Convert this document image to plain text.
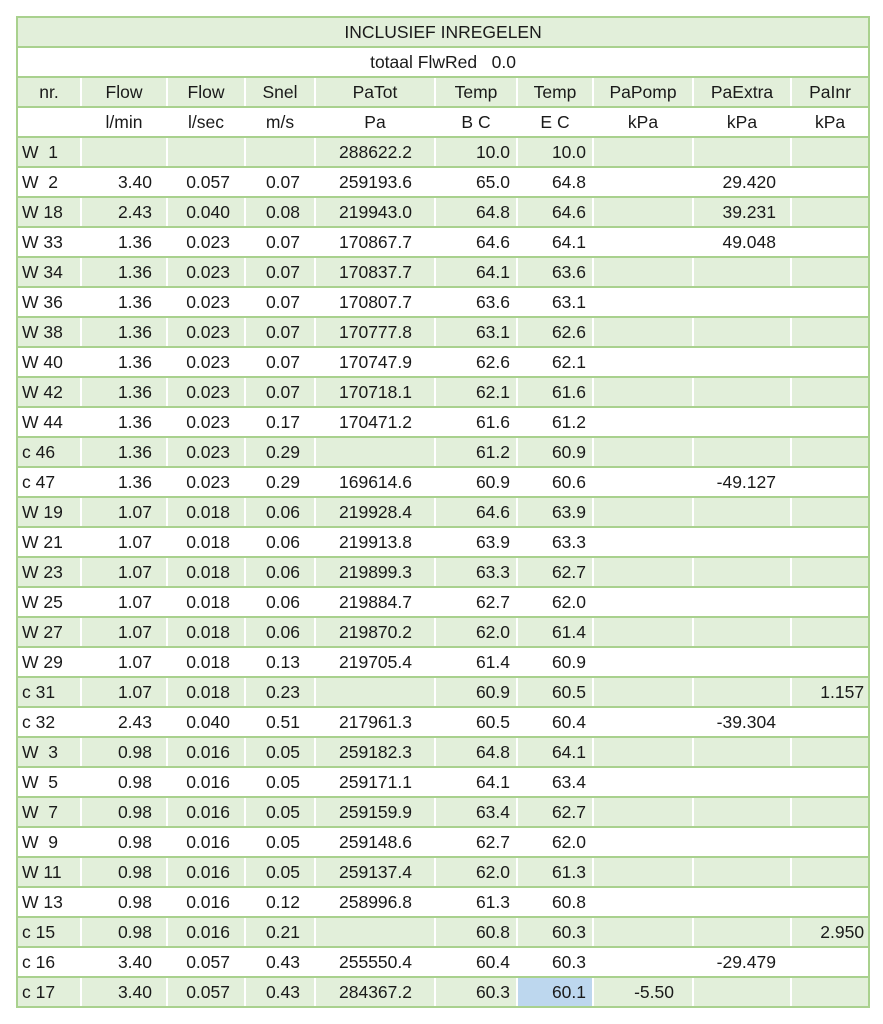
INCLUSIEF INREGELEN									
totaal FlwRed   0.0									
nr.	Flow	Flow	Snel	PaTot	Temp	Temp	PaPomp	PaExtra	PaInr
	l/min	l/sec	m/s	Pa	B C	E C	kPa	kPa	kPa
W  1				288622.2	10.0	10.0			
W  2	3.40	0.057	0.07	259193.6	65.0	64.8		29.420	
W 18	2.43	0.040	0.08	219943.0	64.8	64.6		39.231	
W 33	1.36	0.023	0.07	170867.7	64.6	64.1		49.048	
W 34	1.36	0.023	0.07	170837.7	64.1	63.6			
W 36	1.36	0.023	0.07	170807.7	63.6	63.1			
W 38	1.36	0.023	0.07	170777.8	63.1	62.6			
W 40	1.36	0.023	0.07	170747.9	62.6	62.1			
W 42	1.36	0.023	0.07	170718.1	62.1	61.6			
W 44	1.36	0.023	0.17	170471.2	61.6	61.2			
c 46	1.36	0.023	0.29		61.2	60.9			
c 47	1.36	0.023	0.29	169614.6	60.9	60.6		-49.127	
W 19	1.07	0.018	0.06	219928.4	64.6	63.9			
W 21	1.07	0.018	0.06	219913.8	63.9	63.3			
W 23	1.07	0.018	0.06	219899.3	63.3	62.7			
W 25	1.07	0.018	0.06	219884.7	62.7	62.0			
W 27	1.07	0.018	0.06	219870.2	62.0	61.4			
W 29	1.07	0.018	0.13	219705.4	61.4	60.9			
c 31	1.07	0.018	0.23		60.9	60.5			1.157
c 32	2.43	0.040	0.51	217961.3	60.5	60.4		-39.304	
W  3	0.98	0.016	0.05	259182.3	64.8	64.1			
W  5	0.98	0.016	0.05	259171.1	64.1	63.4			
W  7	0.98	0.016	0.05	259159.9	63.4	62.7			
W  9	0.98	0.016	0.05	259148.6	62.7	62.0			
W 11	0.98	0.016	0.05	259137.4	62.0	61.3			
W 13	0.98	0.016	0.12	258996.8	61.3	60.8			
c 15	0.98	0.016	0.21		60.8	60.3			2.950
c 16	3.40	0.057	0.43	255550.4	60.4	60.3		-29.479	
c 17	3.40	0.057	0.43	284367.2	60.3	60.1	-5.50		
